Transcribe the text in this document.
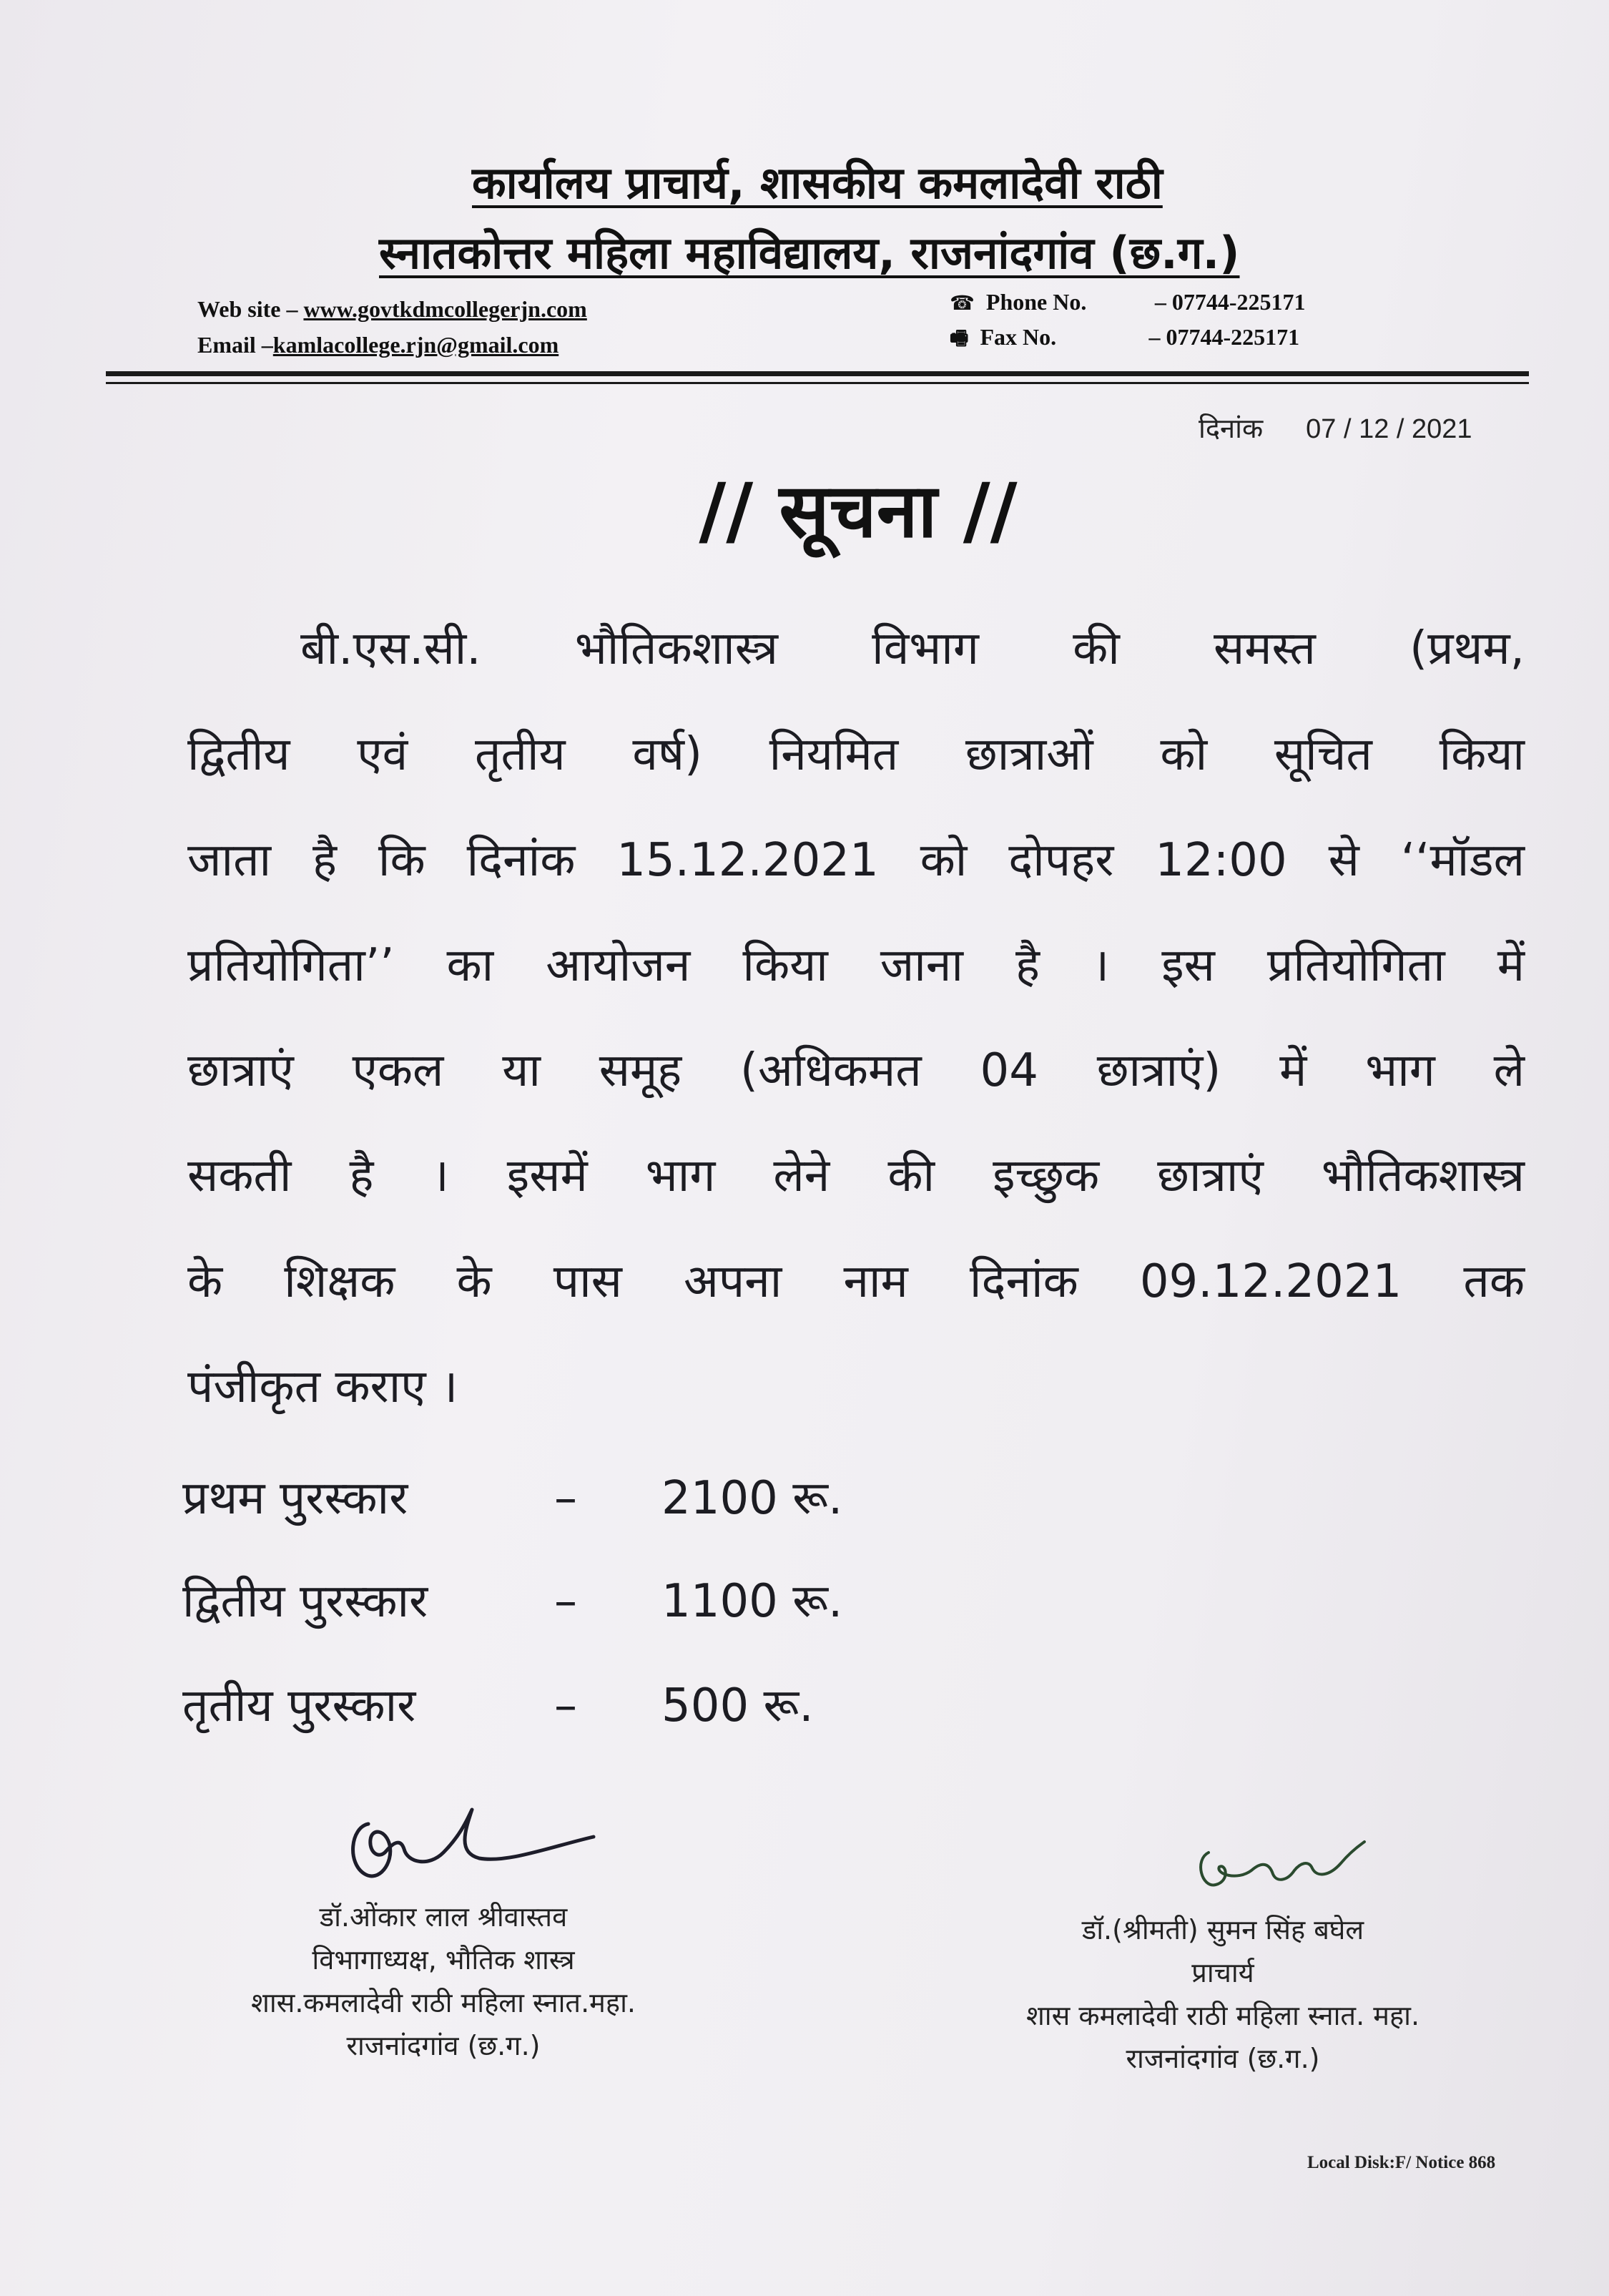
कार्यालय प्राचार्य, शासकीय कमलादेवी राठी
स्नातकोत्तर महिला महाविद्यालय, राजनांदगांव (छ.ग.)
Web site – www.govtkdmcollegerjn.com
Email –kamlacollege.rjn@gmail.com
☎ Phone No.	– 07744-225171
🖷 Fax No.	– 07744-225171
दिनांक 07 / 12 / 2021
// सूचना //
बी.एस.सी. भौतिकशास्त्र विभाग की समस्त (प्रथम,
द्वितीय एवं तृतीय वर्ष) नियमित छात्राओं को सूचित किया
जाता है कि दिनांक 15.12.2021 को दोपहर 12:00 से ‘‘मॉडल
प्रतियोगिता’’ का आयोजन किया जाना है । इस प्रतियोगिता में
छात्राएं एकल या समूह (अधिकमत 04 छात्राएं) में भाग ले
सकती है । इसमें भाग लेने की इच्छुक छात्राएं भौतिकशास्त्र
के शिक्षक के पास अपना नाम दिनांक 09.12.2021 तक
पंजीकृत कराए ।
प्रथम पुरस्कार	– 2100 रू.
द्वितीय पुरस्कार	– 1100 रू.
तृतीय पुरस्कार	– 500 रू.
डॉ.ओंकार लाल श्रीवास्तव
विभागाध्यक्ष, भौतिक शास्त्र
शास.कमलादेवी राठी महिला स्नात.महा.
राजनांदगांव (छ.ग.)
डॉ.(श्रीमती) सुमन सिंह बघेल
प्राचार्य
शास कमलादेवी राठी महिला स्नात. महा.
राजनांदगांव (छ.ग.)
Local Disk:F/ Notice 868
